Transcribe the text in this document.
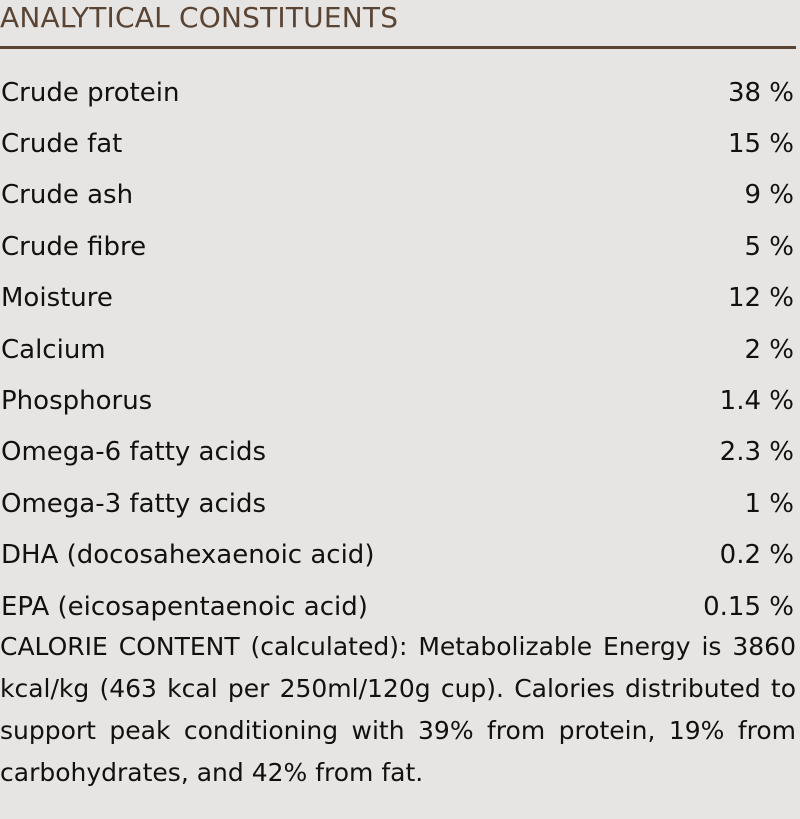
ANALYTICAL CONSTITUENTS
Crude protein	38 %
Crude fat	15 %
Crude ash	9 %
Crude fibre	5 %
Moisture	12 %
Calcium	2 %
Phosphorus	1.4 %
Omega-6 fatty acids	2.3 %
Omega-3 fatty acids	1 %
DHA (docosahexaenoic acid)	0.2 %
EPA (eicosapentaenoic acid)	0.15 %

CALORIE CONTENT (calculated): Metabolizable Energy is 3860 kcal/kg (463 kcal per 250ml/120g cup). Calories distributed to support peak conditioning with 39% from protein, 19% from carbohydrates, and 42% from fat.
